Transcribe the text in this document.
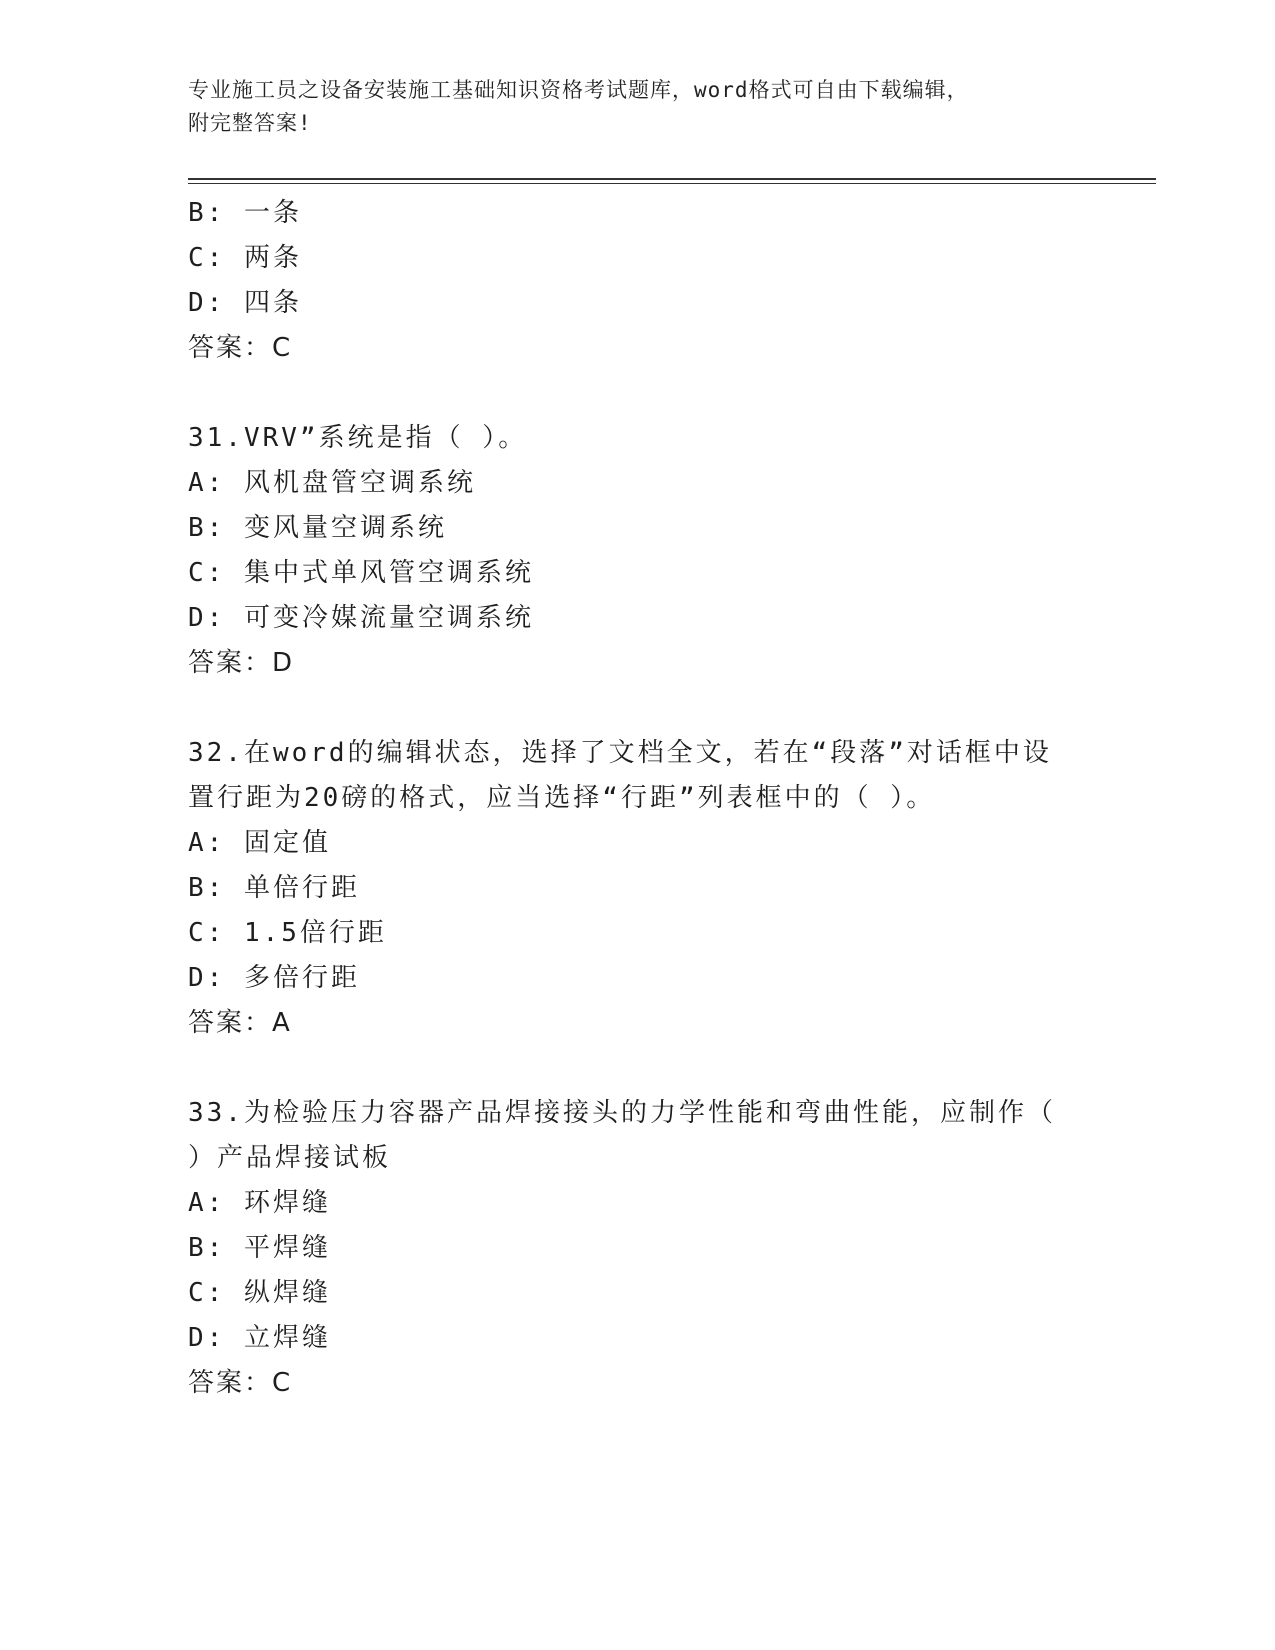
专业施工员之设备安装施工基础知识资格考试题库，word格式可自由下载编辑，
附完整答案!
B: 一条
C: 两条
D: 四条
答案：C
31.VRV”系统是指（ ）。
A: 风机盘管空调系统
B: 变风量空调系统
C: 集中式单风管空调系统
D: 可变冷媒流量空调系统
答案：D
32.在word的编辑状态，选择了文档全文，若在“段落”对话框中设
置行距为20磅的格式，应当选择“行距”列表框中的（ ）。
A: 固定值
B: 单倍行距
C: 1.5倍行距
D: 多倍行距
答案：A
33.为检验压力容器产品焊接接头的力学性能和弯曲性能，应制作（
）产品焊接试板
A: 环焊缝
B: 平焊缝
C: 纵焊缝
D: 立焊缝
答案：C
